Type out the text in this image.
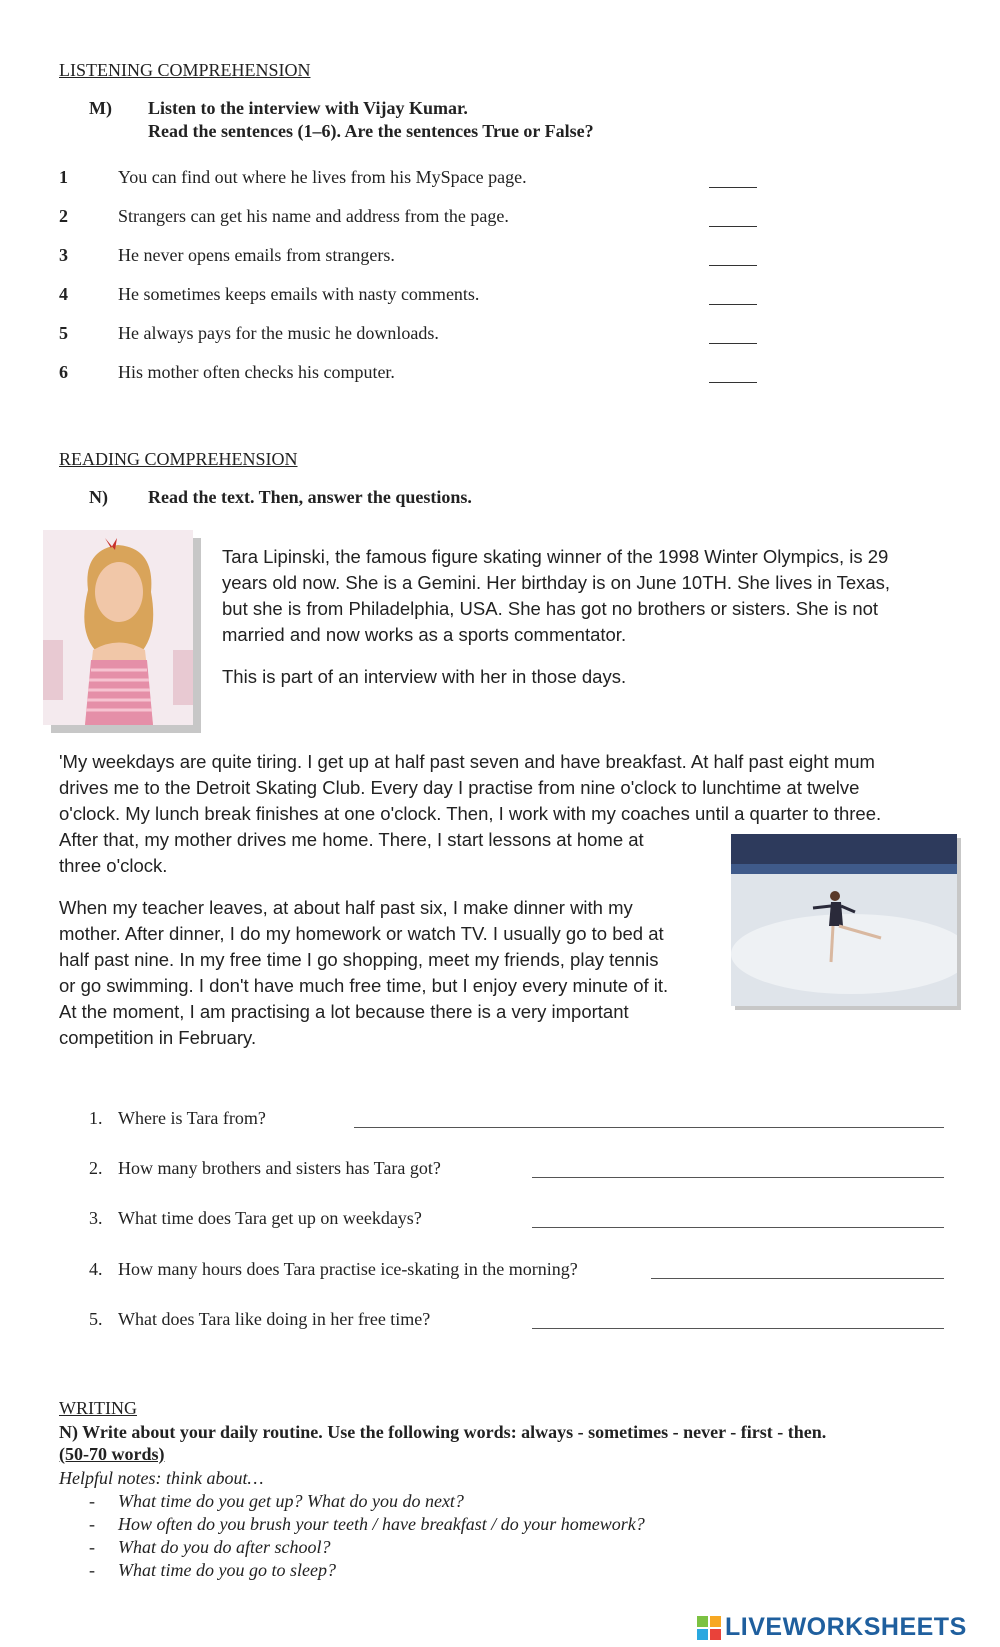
LISTENING COMPREHENSION
M) Listen to the interview with Vijay Kumar.
Read the sentences (1–6). Are the sentences True or False?
1	You can find out where he lives from his MySpace page.
2	Strangers can get his name and address from the page.
3	He never opens emails from strangers.
4	He sometimes keeps emails with nasty comments.
5	He always pays for the music he downloads.
6	His mother often checks his computer.
READING COMPREHENSION
N) Read the text. Then, answer the questions.
Tara Lipinski, the famous figure skating winner of the 1998 Winter Olympics, is 29
years old now. She is a Gemini. Her birthday is on June 10TH. She lives in Texas,
but she is from Philadelphia, USA. She has got no brothers or sisters. She is not
married and now works as a sports commentator.
This is part of an interview with her in those days.
'My weekdays are quite tiring. I get up at half past seven and have breakfast. At half past eight mum
drives me to the Detroit Skating Club. Every day I practise from nine o'clock to lunchtime at twelve
o'clock. My lunch break finishes at one o'clock. Then, I work with my coaches until a quarter to three.
After that, my mother drives me home. There, I start lessons at home at
three o'clock.
When my teacher leaves, at about half past six, I make dinner with my
mother. After dinner, I do my homework or watch TV. I usually go to bed at
half past nine. In my free time I go shopping, meet my friends, play tennis
or go swimming. I don't have much free time, but I enjoy every minute of it.
At the moment, I am practising a lot because there is a very important
competition in February.
1. Where is Tara from?
2. How many brothers and sisters has Tara got?
3. What time does Tara get up on weekdays?
4. How many hours does Tara practise ice-skating in the morning?
5. What does Tara like doing in her free time?
WRITING
N) Write about your daily routine. Use the following words: always - sometimes - never - first - then.
(50-70 words)
Helpful notes: think about…
- What time do you get up? What do you do next?
- How often do you brush your teeth / have breakfast / do your homework?
- What do you do after school?
- What time do you go to sleep?
LIVEWORKSHEETS
